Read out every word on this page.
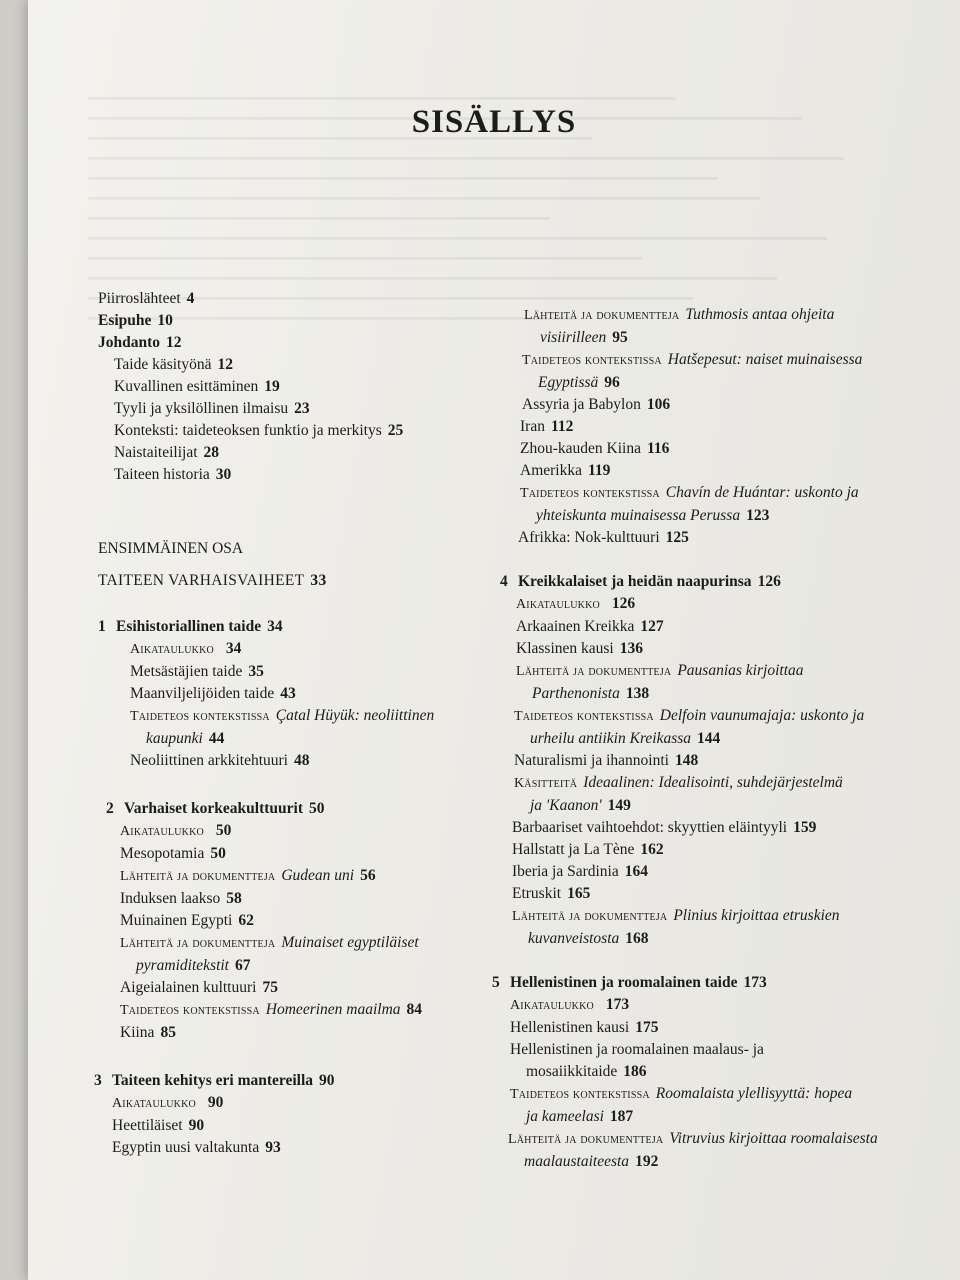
SISÄLLYS
Piirroslähteet 4
Esipuhe 10
Johdanto 12
Taide käsityönä 12
Kuvallinen esittäminen 19
Tyyli ja yksilöllinen ilmaisu 23
Konteksti: taideteoksen funktio ja merkitys 25
Naistaiteilijat 28
Taiteen historia 30
ENSIMMÄINEN OSA
TAITEEN VARHAISVAIHEET 33
1 Esihistoriallinen taide 34
Aikataulukko 34
Metsästäjien taide 35
Maanviljelijöiden taide 43
Taideteos kontekstissa Çatal Hüyük: neoliittinen
kaupunki 44
Neoliittinen arkkitehtuuri 48
2 Varhaiset korkeakulttuurit 50
Aikataulukko 50
Mesopotamia 50
Lähteitä ja dokumentteja Gudean uni 56
Induksen laakso 58
Muinainen Egypti 62
Lähteitä ja dokumentteja Muinaiset egyptiläiset
pyramiditekstit 67
Aigeialainen kulttuuri 75
Taideteos kontekstissa Homeerinen maailma 84
Kiina 85
3 Taiteen kehitys eri mantereilla 90
Aikataulukko 90
Heettiläiset 90
Egyptin uusi valtakunta 93
Lähteitä ja dokumentteja Tuthmosis antaa ohjeita
visiirilleen 95
Taideteos kontekstissa Hatšepesut: naiset muinaisessa
Egyptissä 96
Assyria ja Babylon 106
Iran 112
Zhou-kauden Kiina 116
Amerikka 119
Taideteos kontekstissa Chavín de Huántar: uskonto ja
yhteiskunta muinaisessa Perussa 123
Afrikka: Nok-kulttuuri 125
4 Kreikkalaiset ja heidän naapurinsa 126
Aikataulukko 126
Arkaainen Kreikka 127
Klassinen kausi 136
Lähteitä ja dokumentteja Pausanias kirjoittaa
Parthenonista 138
Taideteos kontekstissa Delfoin vaunumajaja: uskonto ja
urheilu antiikin Kreikassa 144
Naturalismi ja ihannointi 148
Käsitteitä Ideaalinen: Idealisointi, suhdejärjestelmä
ja 'Kaanon' 149
Barbaariset vaihtoehdot: skyyttien eläintyyli 159
Hallstatt ja La Tène 162
Iberia ja Sardinia 164
Etruskit 165
Lähteitä ja dokumentteja Plinius kirjoittaa etruskien
kuvanveistosta 168
5 Hellenistinen ja roomalainen taide 173
Aikataulukko 173
Hellenistinen kausi 175
Hellenistinen ja roomalainen maalaus- ja
mosaiikkitaide 186
Taideteos kontekstissa Roomalaista ylellisyyttä: hopea
ja kameelasi 187
Lähteitä ja dokumentteja Vitruvius kirjoittaa roomalaisesta
maalaustaiteesta 192
